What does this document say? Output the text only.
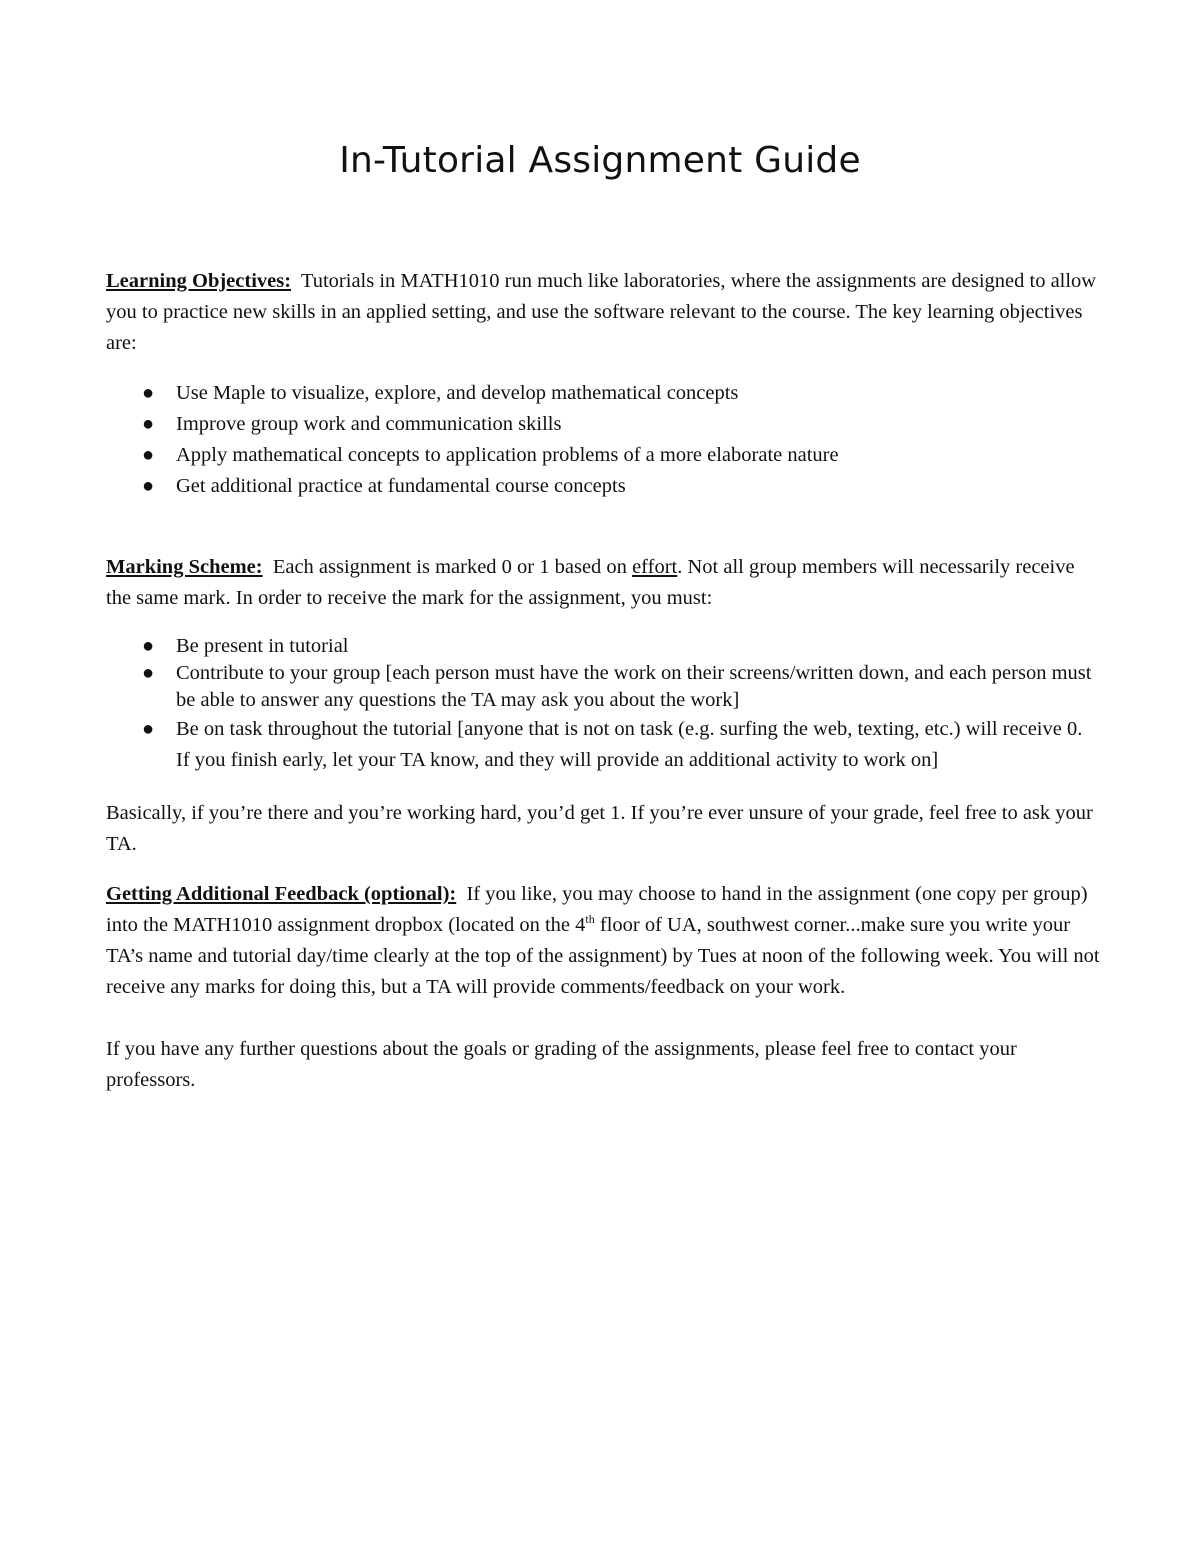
In-Tutorial Assignment Guide

Learning Objectives: Tutorials in MATH1010 run much like laboratories, where the assignments are designed to allow you to practice new skills in an applied setting, and use the software relevant to the course. The key learning objectives are:

● Use Maple to visualize, explore, and develop mathematical concepts
● Improve group work and communication skills
● Apply mathematical concepts to application problems of a more elaborate nature
● Get additional practice at fundamental course concepts

Marking Scheme: Each assignment is marked 0 or 1 based on effort. Not all group members will necessarily receive the same mark. In order to receive the mark for the assignment, you must:

● Be present in tutorial
● Contribute to your group [each person must have the work on their screens/written down, and each person must be able to answer any questions the TA may ask you about the work]
● Be on task throughout the tutorial [anyone that is not on task (e.g. surfing the web, texting, etc.) will receive 0. If you finish early, let your TA know, and they will provide an additional activity to work on]

Basically, if you’re there and you’re working hard, you’d get 1. If you’re ever unsure of your grade, feel free to ask your TA.

Getting Additional Feedback (optional): If you like, you may choose to hand in the assignment (one copy per group) into the MATH1010 assignment dropbox (located on the 4th floor of UA, southwest corner...make sure you write your TA’s name and tutorial day/time clearly at the top of the assignment) by Tues at noon of the following week. You will not receive any marks for doing this, but a TA will provide comments/feedback on your work.

If you have any further questions about the goals or grading of the assignments, please feel free to contact your professors.
